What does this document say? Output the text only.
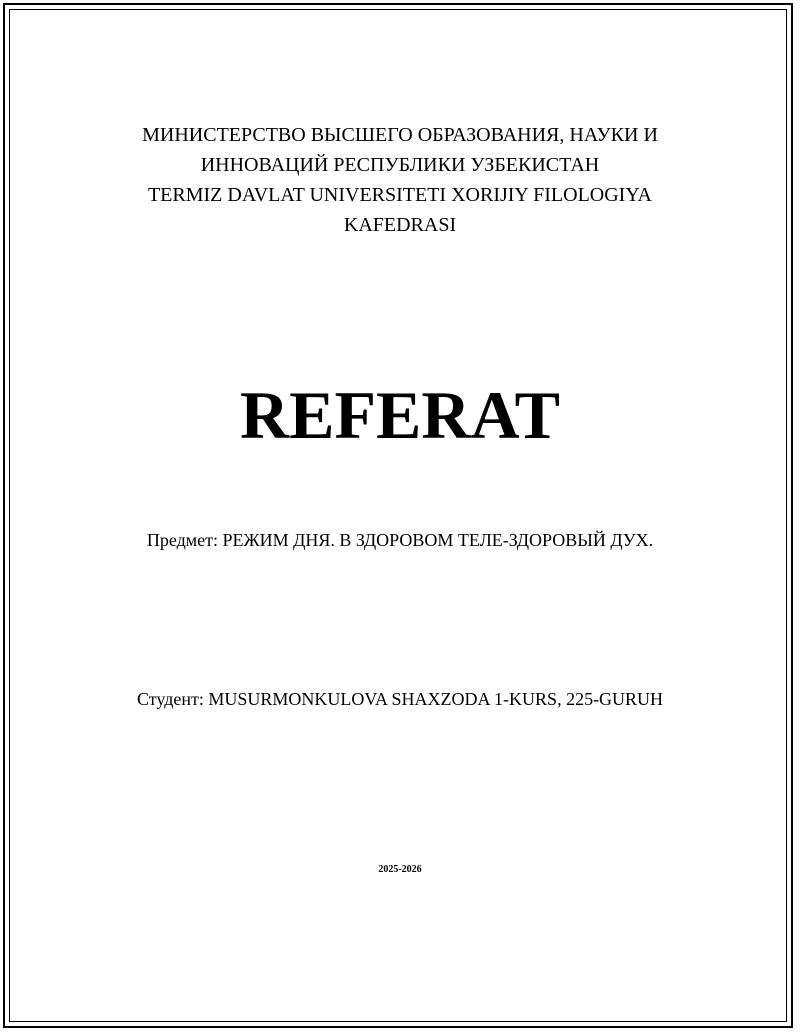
МИНИСТЕРСТВО ВЫСШЕГО ОБРАЗОВАНИЯ, НАУКИ И
ИННОВАЦИЙ РЕСПУБЛИКИ УЗБЕКИСТАН
TERMIZ DAVLAT UNIVERSITETI XORIJIY FILOLOGIYA
KAFEDRASI
REFERAT
Предмет: РЕЖИМ ДНЯ. В ЗДОРОВОМ ТЕЛЕ-ЗДОРОВЫЙ ДУХ.
Студент: MUSURMONKULOVA SHAXZODA 1-KURS, 225-GURUH
2025-2026
